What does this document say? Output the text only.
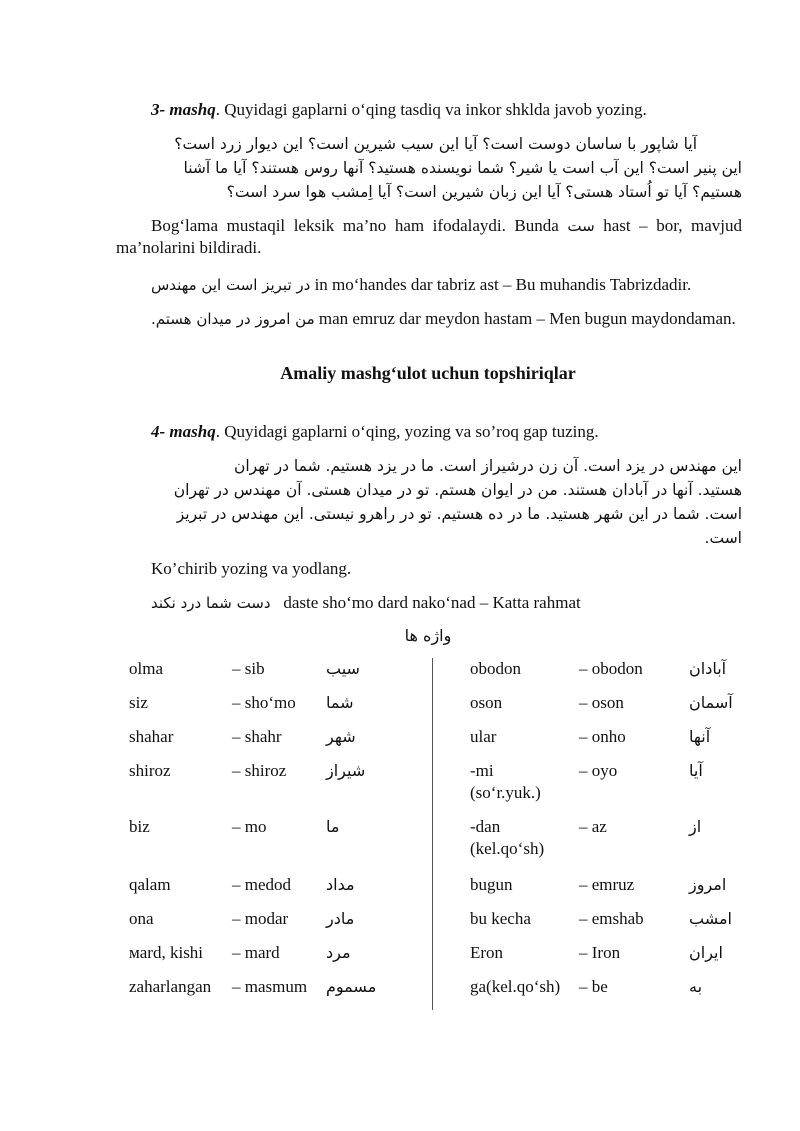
3- mashq. Quyidagi gaplarni o‘qing tasdiq va inkor shklda javob yozing.
آیا شاپور با ساسان دوست است؟ آیا این سیب شیرین است؟ این دیوار زرد است؟
این پنیر است؟ این آب است یا شیر؟ شما نویسنده هستید؟ آنها روس هستند؟ آیا ما آشنا
هستیم؟ آیا تو اُستاد هستی؟ آیا این زبان شیرین است؟ آیا اِمشب هوا سرد است؟
Bog‘lama mustaqil leksik ma’no ham ifodalaydi. Bunda ست hast – bor, mavjud ma’nolarini bildiradi.
در تبریز است این مهندس in mo‘handes dar tabriz ast – Bu muhandis Tabrizdadir.
.من امروز در میدان هستم man emruz dar meydon hastam – Men bugun maydondaman.
Amaliy mashg‘ulot uchun topshiriqlar
4- mashq. Quyidagi gaplarni o‘qing, yozing va so’roq gap tuzing.
این مهندس در یزد است. آن زن درشیراز است. ما در یزد هستیم. شما در تهران
هستید. آنها در آبادان هستند. من در ایوان هستم. تو در میدان هستی. آن مهندس در تهران
است. شما در این شهر هستید. ما در ده هستیم. تو در راهرو نیستی. این مهندس در تبریز
است.
Ko’chirib yozing va yodlang.
دست شما درد نکند daste sho‘mo dard nako‘nad – Katta rahmat
واژه ها
olma	– sib	سیب
siz	– sho‘mo شما
shahar	– shahr	شهر
shiroz	– shiroz شیراز
biz	– mo	ما
qalam	– medod مداد
ona	– modar مادر
мard, kishi – mard	مرد
zaharlangan – masmum مسموم
obodon	– obodon	آبادان
oson	– oson	آسمان
ular	– onho	آنها
-mi
(so‘r.yuk.)
– oyo	آیا
-dan
(kel.qo‘sh)
– az	از
bugun	– emruz	امروز
bu kecha	– emshab	امشب
Eron	– Iron	ایران
ga(kel.qo‘sh) – be	به
